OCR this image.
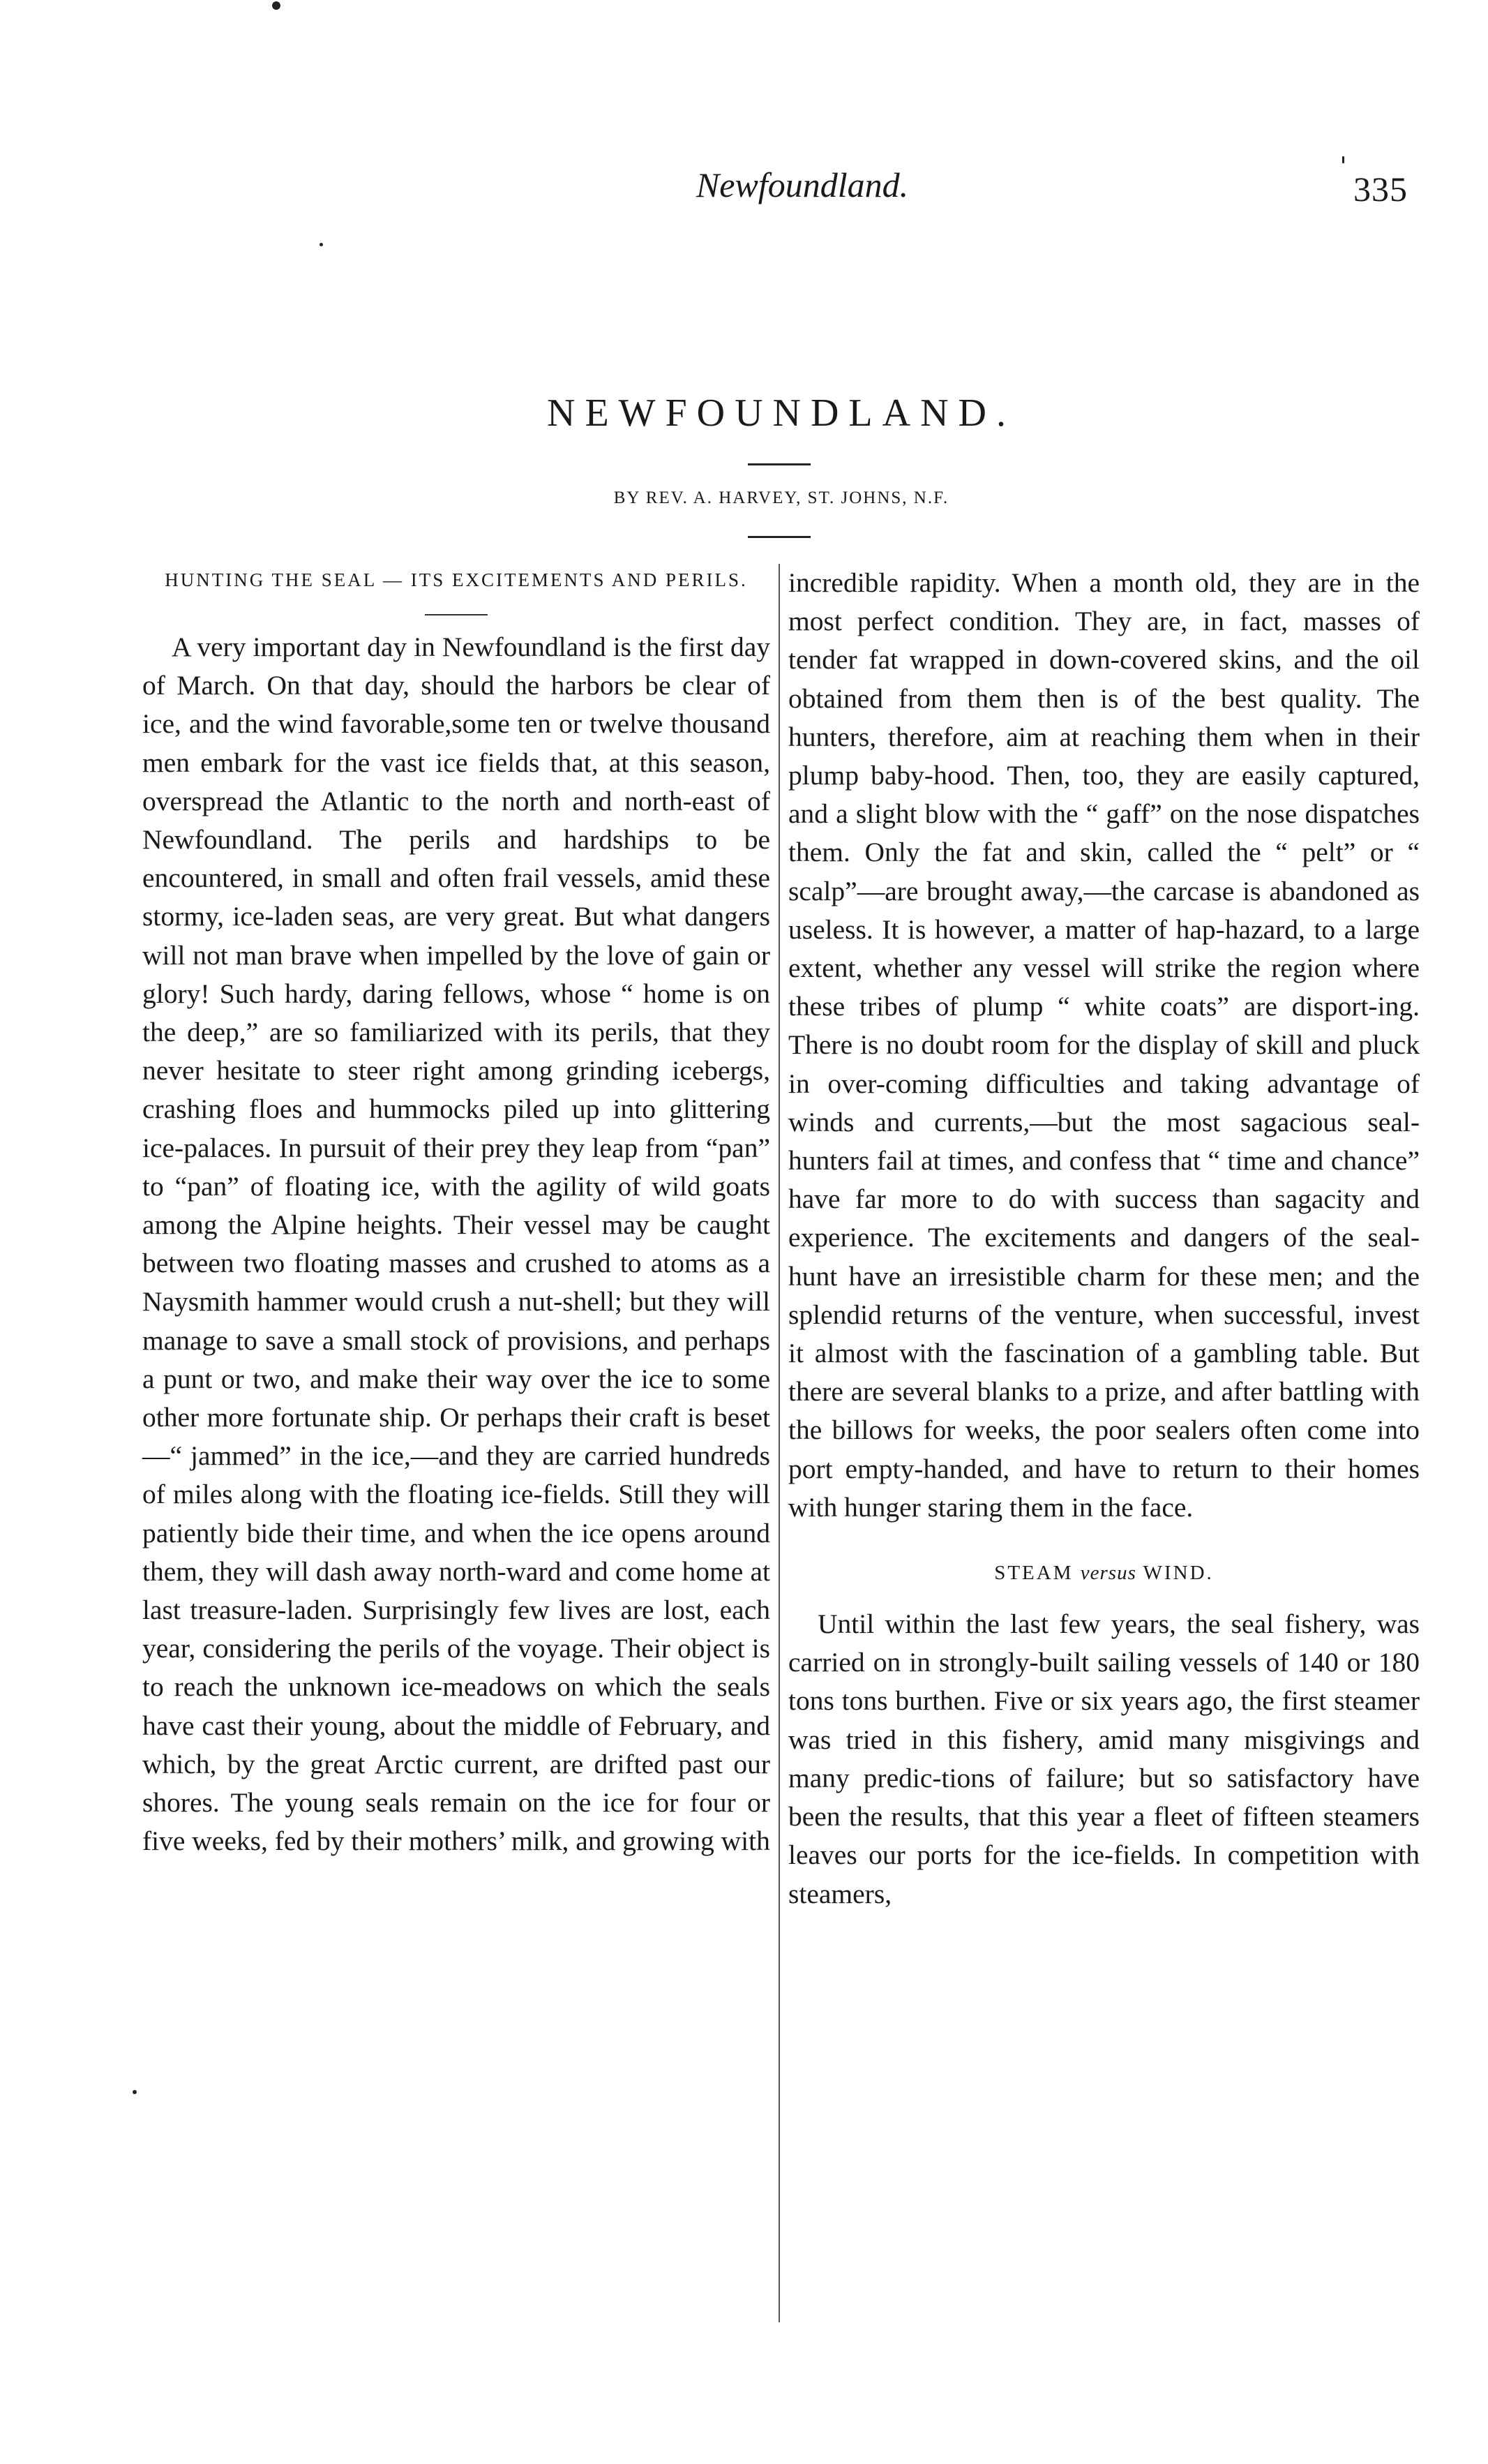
Newfoundland.	335
NEWFOUNDLAND.
BY REV. A. HARVEY, ST. JOHNS, N.F.
HUNTING THE SEAL — ITS EXCITEMENTS AND PERILS.

A very important day in Newfoundland is the first day of March. On that day, should the harbors be clear of ice, and the wind favorable,some ten or twelve thousand men embark for the vast ice fields that, at this season, overspread the Atlantic to the north and north-east of Newfoundland. The perils and hardships to be encountered, in small and often frail vessels, amid these stormy, ice-laden seas, are very great. But what dangers will not man brave when impelled by the love of gain or glory! Such hardy, daring fellows, whose “ home is on the deep,” are so familiarized with its perils, that they never hesitate to steer right among grinding icebergs, crashing floes and hummocks piled up into glittering ice-palaces. In pursuit of their prey they leap from “pan” to “pan” of floating ice, with the agility of wild goats among the Alpine heights. Their vessel may be caught between two floating masses and crushed to atoms as a Naysmith hammer would crush a nut-shell; but they will manage to save a small stock of provisions, and perhaps a punt or two, and make their way over the ice to some other more fortunate ship. Or perhaps their craft is beset—“ jammed” in the ice,—and they are carried hundreds of miles along with the floating ice-fields. Still they will patiently bide their time, and when the ice opens around them, they will dash away north-ward and come home at last treasure-laden. Surprisingly few lives are lost, each year, considering the perils of the voyage. Their object is to reach the unknown ice-meadows on which the seals have cast their young, about the middle of February, and which, by the great Arctic current, are drifted past our shores. The young seals remain on the ice for four or five weeks, fed by their mothers’ milk, and growing with

incredible rapidity. When a month old, they are in the most perfect condition. They are, in fact, masses of tender fat wrapped in down-covered skins, and the oil obtained from them then is of the best quality. The hunters, therefore, aim at reaching them when in their plump baby-hood. Then, too, they are easily captured, and a slight blow with the “ gaff” on the nose dispatches them. Only the fat and skin, called the “ pelt” or “ scalp”—are brought away,—the carcase is abandoned as useless. It is however, a matter of hap-hazard, to a large extent, whether any vessel will strike the region where these tribes of plump “ white coats” are disport-ing. There is no doubt room for the display of skill and pluck in over-coming difficulties and taking advantage of winds and currents,—but the most sagacious seal-hunters fail at times, and confess that “ time and chance” have far more to do with success than sagacity and experience. The excitements and dangers of the seal-hunt have an irresistible charm for these men; and the splendid returns of the venture, when successful, invest it almost with the fascination of a gambling table. But there are several blanks to a prize, and after battling with the billows for weeks, the poor sealers often come into port empty-handed, and have to return to their homes with hunger staring them in the face.

STEAM versus WIND.

Until within the last few years, the seal fishery, was carried on in strongly-built sailing vessels of 140 or 180 tons tons burthen. Five or six years ago, the first steamer was tried in this fishery, amid many misgivings and many predic-tions of failure; but so satisfactory have been the results, that this year a fleet of fifteen steamers leaves our ports for the ice-fields. In competition with steamers,
